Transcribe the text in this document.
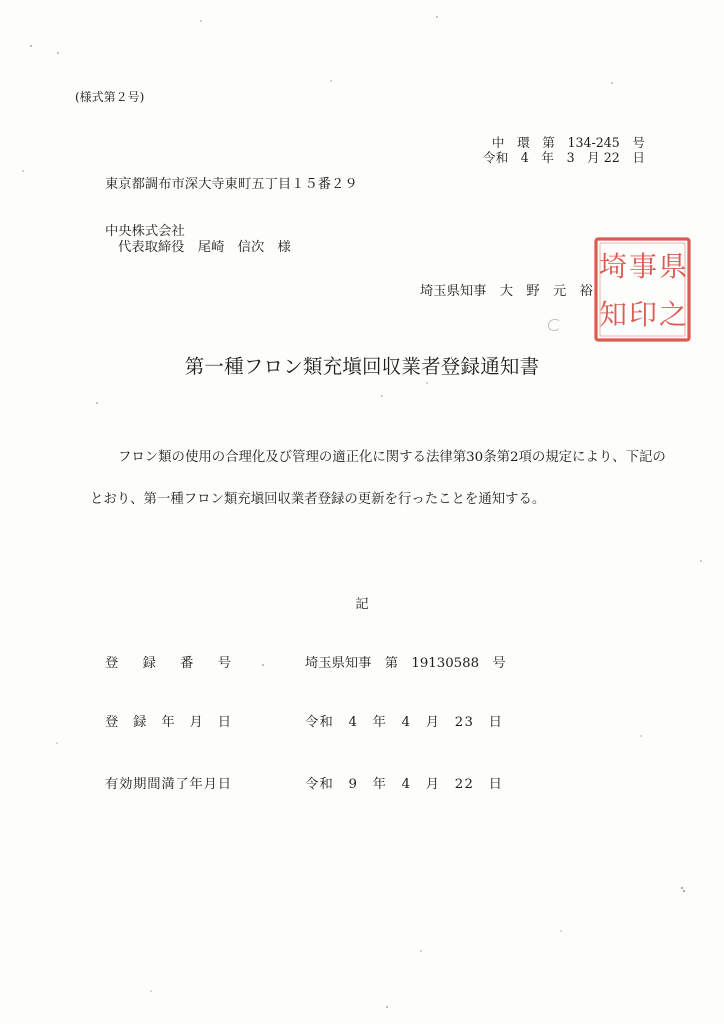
(様式第２号)
中　環　第　134-245　号
令和　4　年　3　月 22　日
東京都調布市深大寺東町五丁目１５番２９
中央株式会社
代表取締役　尾崎　信次　様
埼玉県知事　大　野　元　裕
県
之
事
印
埼
知
第一種フロン類充塡回収業者登録通知書
フロン類の使用の合理化及び管理の適正化に関する法律第30条第2項の規定により、下記の
とおり、第一種フロン類充塡回収業者登録の更新を行ったことを通知する。
記
登　録　番　号	埼玉県知事　第　19130588　号
登　録　年　月　日	令和　4　年　4　月　23　日
有効期間満了年月日	令和　9　年　4　月　22　日
